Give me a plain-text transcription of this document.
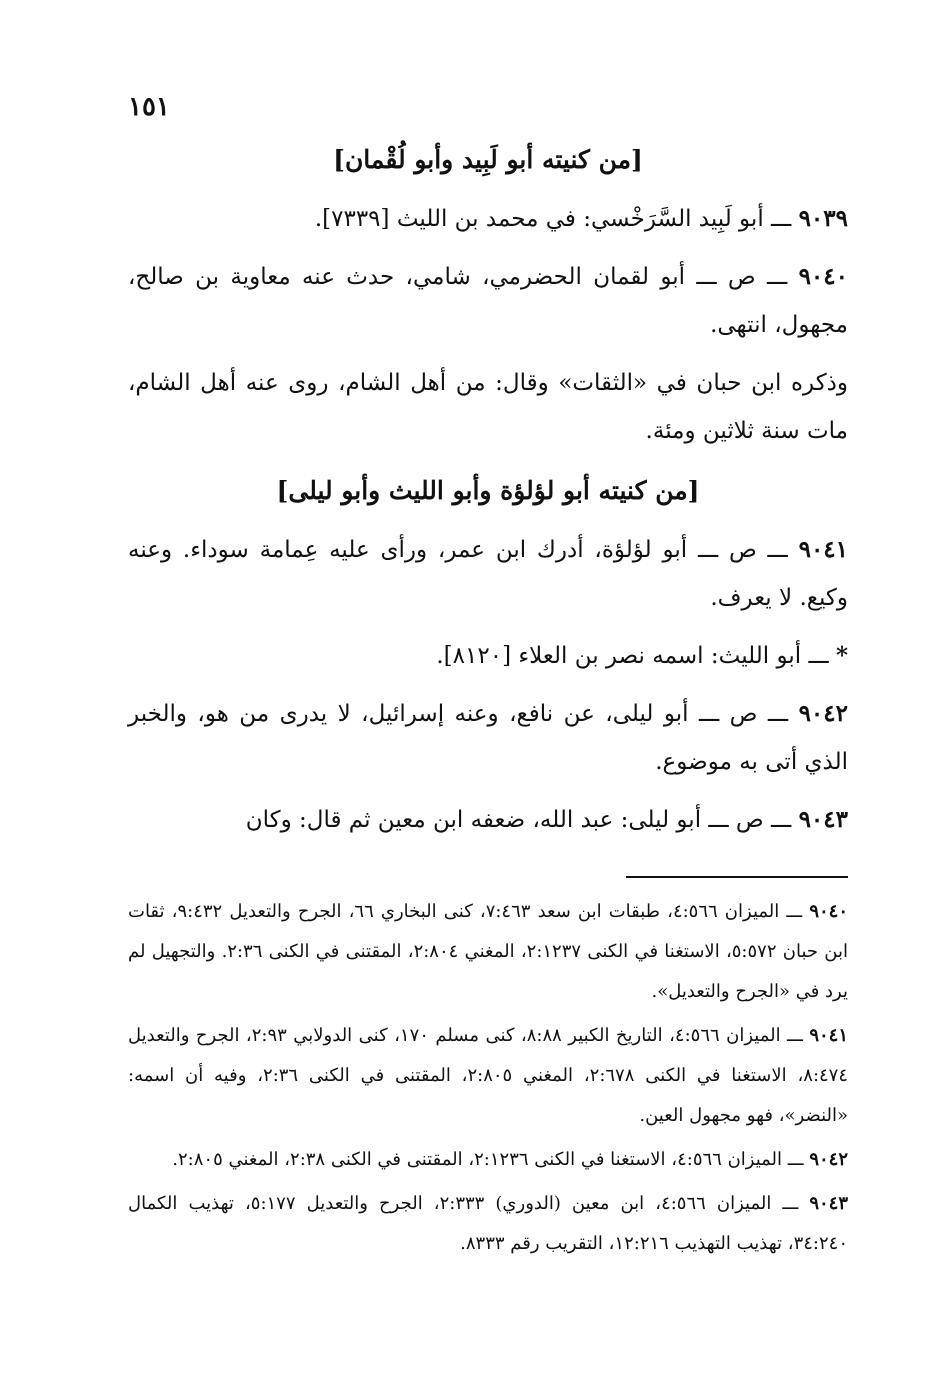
١٥١
[من كنيته أبو لَبِيد وأبو لُقْمان]

٩٠٣٩ ـــ أبو لَبِيد السَّرَخْسي: في محمد بن الليث [٧٣٣٩].

٩٠٤٠ ـــ ص ـــ أبو لقمان الحضرمي، شامي، حدث عنه معاوية بن صالح، مجهول، انتهى.

وذكره ابن حبان في «الثقات» وقال: من أهل الشام، روى عنه أهل الشام، مات سنة ثلاثين ومئة.

[من كنيته أبو لؤلؤة وأبو الليث وأبو ليلى]

٩٠٤١ ـــ ص ـــ أبو لؤلؤة، أدرك ابن عمر، ورأى عليه عِمامة سوداء. وعنه وكيع. لا يعرف.

* ـــ أبو الليث: اسمه نصر بن العلاء [٨١٢٠].

٩٠٤٢ ـــ ص ـــ أبو ليلى، عن نافع، وعنه إسرائيل، لا يدرى من هو، والخبر الذي أتى به موضوع.

٩٠٤٣ ـــ ص ـــ أبو ليلى: عبد الله، ضعفه ابن معين ثم قال: وكان

٩٠٤٠ ـــ الميزان ٤:٥٦٦، طبقات ابن سعد ٧:٤٦٣، كنى البخاري ٦٦، الجرح والتعديل ٩:٤٣٢، ثقات ابن حبان ٥:٥٧٢، الاستغنا في الكنى ٢:١٢٣٧، المغني ٢:٨٠٤، المقتنى في الكنى ٢:٣٦. والتجهيل لم يرد في «الجرح والتعديل».

٩٠٤١ ـــ الميزان ٤:٥٦٦، التاريخ الكبير ٨:٨٨، كنى مسلم ١٧٠، كنى الدولابي ٢:٩٣، الجرح والتعديل ٨:٤٧٤، الاستغنا في الكنى ٢:٦٧٨، المغني ٢:٨٠٥، المقتنى في الكنى ٢:٣٦، وفيه أن اسمه: «النضر»، فهو مجهول العين.

٩٠٤٢ ـــ الميزان ٤:٥٦٦، الاستغنا في الكنى ٢:١٢٣٦، المقتنى في الكنى ٢:٣٨، المغني ٢:٨٠٥.

٩٠٤٣ ـــ الميزان ٤:٥٦٦، ابن معين (الدوري) ٢:٣٣٣، الجرح والتعديل ٥:١٧٧، تهذيب الكمال ٣٤:٢٤٠، تهذيب التهذيب ١٢:٢١٦، التقريب رقم ٨٣٣٣.
